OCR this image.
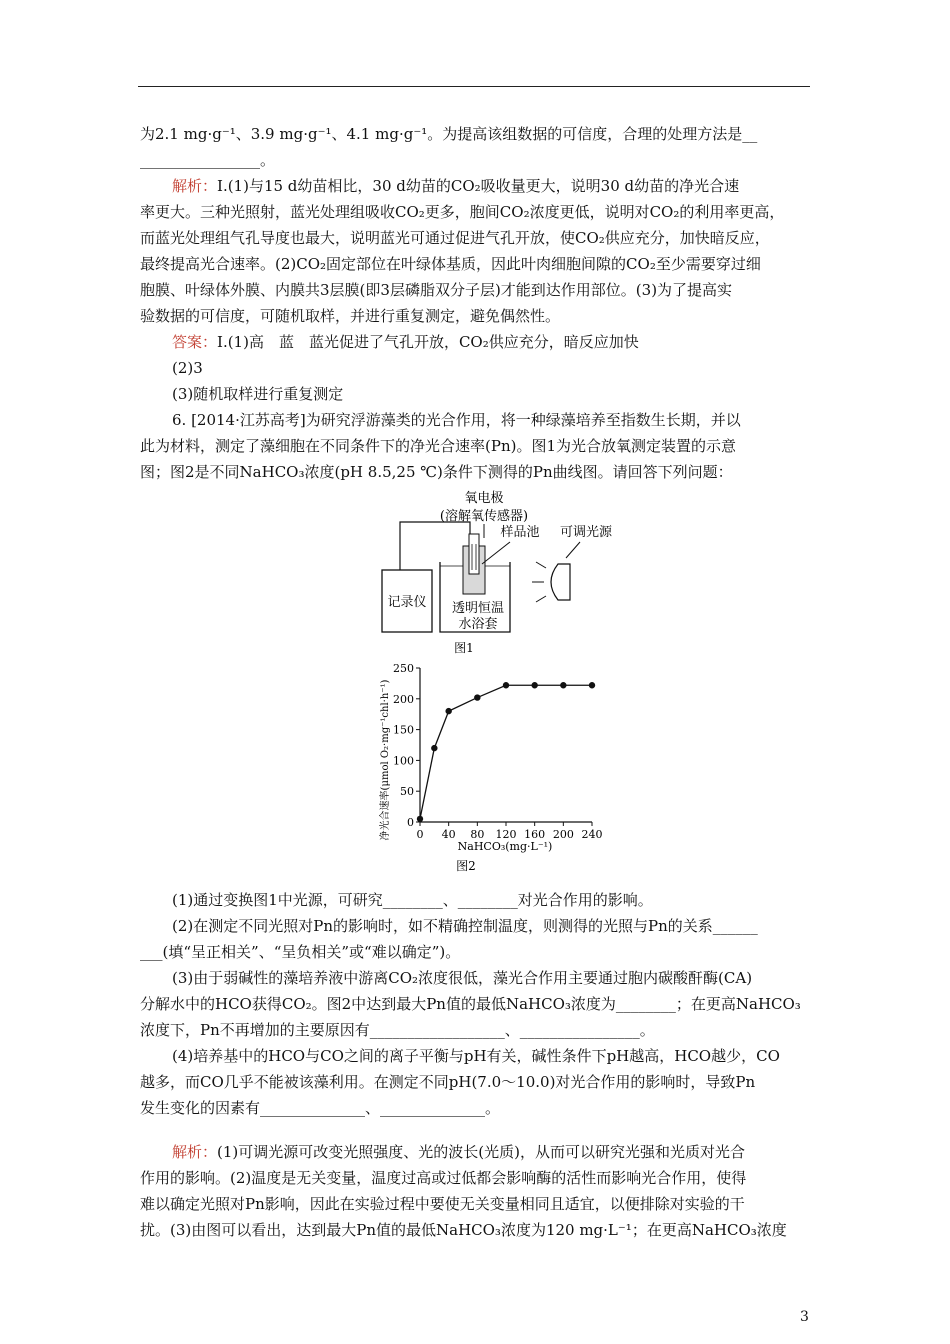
为2.1 mg·g⁻¹、3.9 mg·g⁻¹、4.1 mg·g⁻¹。为提高该组数据的可信度，合理的处理方法是__
________________。
解析：Ⅰ.(1)与15 d幼苗相比，30 d幼苗的CO₂吸收量更大，说明30 d幼苗的净光合速
率更大。三种光照射，蓝光处理组吸收CO₂更多，胞间CO₂浓度更低，说明对CO₂的利用率更高，
而蓝光处理组气孔导度也最大，说明蓝光可通过促进气孔开放，使CO₂供应充分，加快暗反应，
最终提高光合速率。(2)CO₂固定部位在叶绿体基质，因此叶肉细胞间隙的CO₂至少需要穿过细
胞膜、叶绿体外膜、内膜共3层膜(即3层磷脂双分子层)才能到达作用部位。(3)为了提高实
验数据的可信度，可随机取样，并进行重复测定，避免偶然性。
答案：Ⅰ.(1)高　蓝　蓝光促进了气孔开放，CO₂供应充分，暗反应加快
(2)3
(3)随机取样进行重复测定
6. [2014·江苏高考]为研究浮游藻类的光合作用，将一种绿藻培养至指数生长期，并以
此为材料，测定了藻细胞在不同条件下的净光合速率(Pn)。图1为光合放氧测定装置的示意
图；图2是不同NaHCO₃浓度(pH 8.5,25 ℃)条件下测得的Pn曲线图。请回答下列问题：
氧电极
(溶解氧传感器)
记录仪
样品池
透明恒温
水浴套
可调光源
图1
净光合速率(μmol O₂·mg⁻¹chl·h⁻¹)
NaHCO₃(mg·L⁻¹)
图2
0
50
100
150
200
250
0 40 80 120 160 200 240
(1)通过变换图1中光源，可研究________、________对光合作用的影响。
(2)在测定不同光照对Pn的影响时，如不精确控制温度，则测得的光照与Pn的关系______
___(填“呈正相关”、“呈负相关”或“难以确定”)。
(3)由于弱碱性的藻培养液中游离CO₂浓度很低，藻光合作用主要通过胞内碳酸酐酶(CA)
分解水中的HCO获得CO₂。图2中达到最大Pn值的最低NaHCO₃浓度为________；在更高NaHCO₃
浓度下，Pn不再增加的主要原因有__________________、________________。
(4)培养基中的HCO与CO之间的离子平衡与pH有关，碱性条件下pH越高，HCO越少，CO
越多，而CO几乎不能被该藻利用。在测定不同pH(7.0～10.0)对光合作用的影响时，导致Pn
发生变化的因素有______________、______________。
解析：(1)可调光源可改变光照强度、光的波长(光质)，从而可以研究光强和光质对光合
作用的影响。(2)温度是无关变量，温度过高或过低都会影响酶的活性而影响光合作用，使得
难以确定光照对Pn影响，因此在实验过程中要使无关变量相同且适宜，以便排除对实验的干
扰。(3)由图可以看出，达到最大Pn值的最低NaHCO₃浓度为120 mg·L⁻¹；在更高NaHCO₃浓度
3
